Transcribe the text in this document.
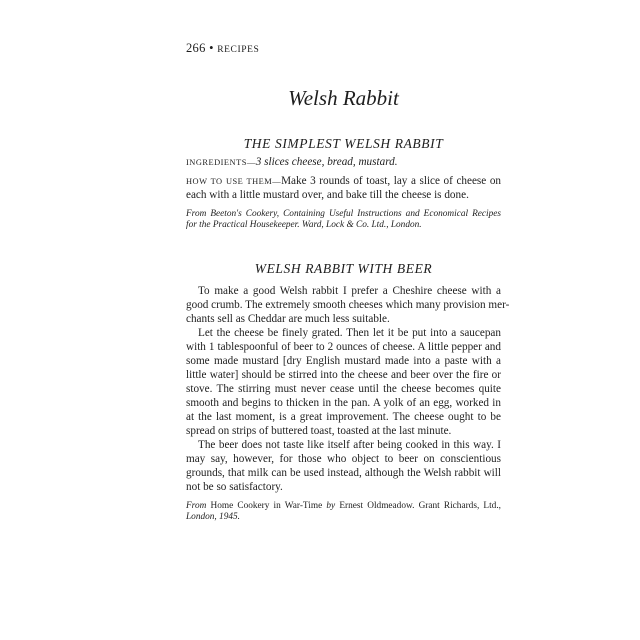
266 • RECIPES
Welsh Rabbit
THE SIMPLEST WELSH RABBIT
INGREDIENTS—3 slices cheese, bread, mustard.
HOW TO USE THEM—Make 3 rounds of toast, lay a slice of cheese on
each with a little mustard over, and bake till the cheese is done.
From Beeton's Cookery, Containing Useful Instructions and Economical Recipes
for the Practical Housekeeper. Ward, Lock & Co. Ltd., London.
WELSH RABBIT WITH BEER
To make a good Welsh rabbit I prefer a Cheshire cheese with a
good crumb. The extremely smooth cheeses which many provision mer-
chants sell as Cheddar are much less suitable.
Let the cheese be finely grated. Then let it be put into a saucepan
with 1 tablespoonful of beer to 2 ounces of cheese. A little pepper and
some made mustard [dry English mustard made into a paste with a
little water] should be stirred into the cheese and beer over the fire or
stove. The stirring must never cease until the cheese becomes quite
smooth and begins to thicken in the pan. A yolk of an egg, worked in
at the last moment, is a great improvement. The cheese ought to be
spread on strips of buttered toast, toasted at the last minute.
The beer does not taste like itself after being cooked in this way. I
may say, however, for those who object to beer on conscientious
grounds, that milk can be used instead, although the Welsh rabbit will
not be so satisfactory.
From Home Cookery in War-Time by Ernest Oldmeadow. Grant Richards, Ltd.,
London, 1945.
